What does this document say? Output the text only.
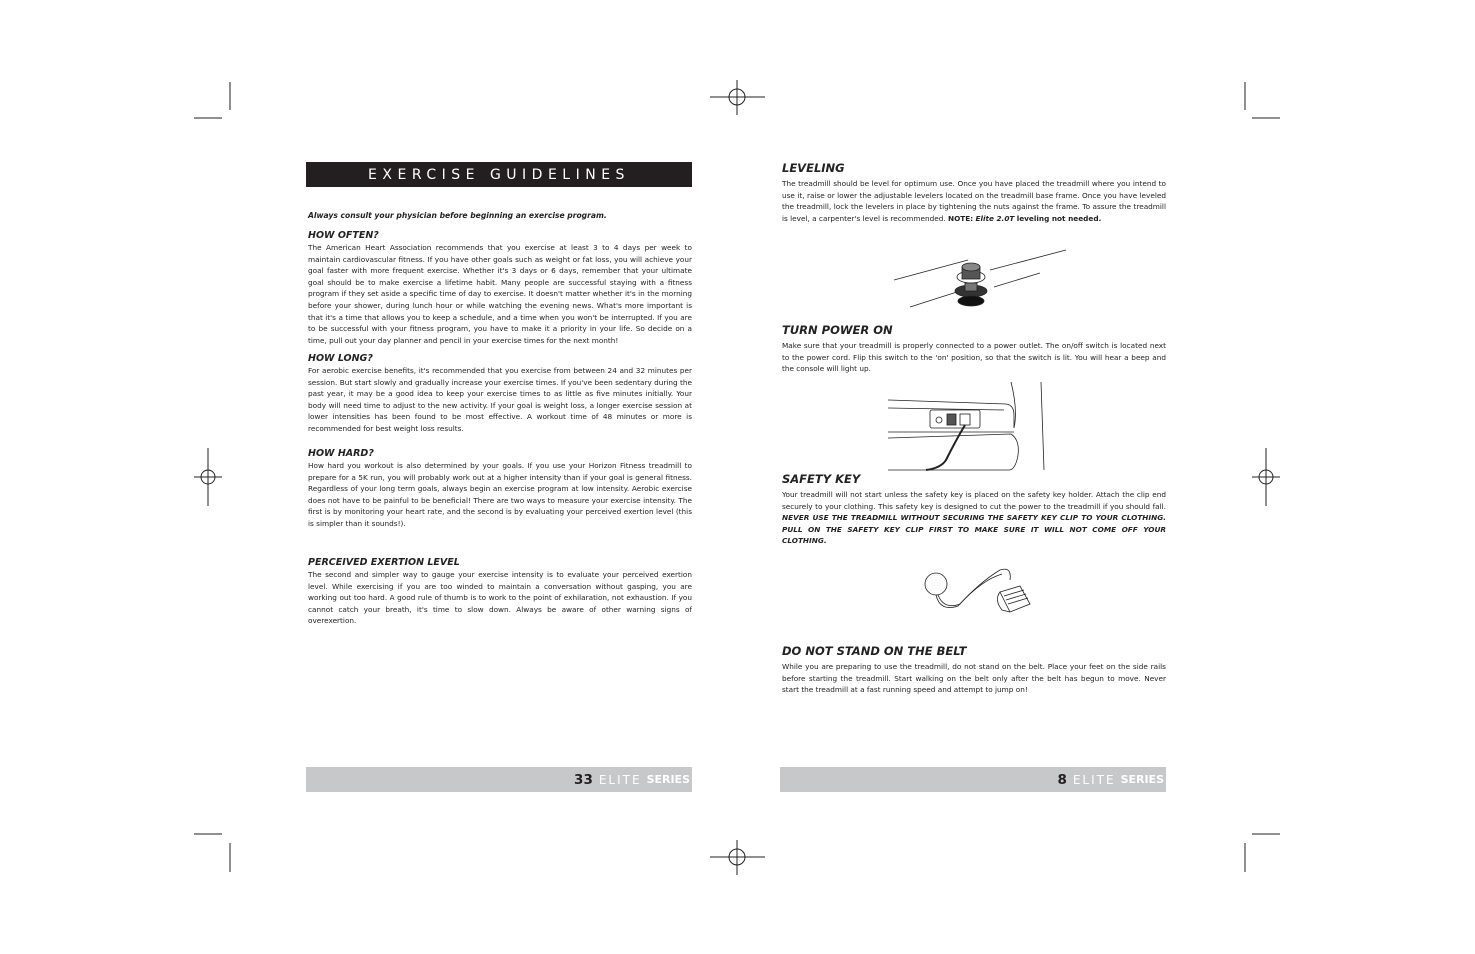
EXERCISE GUIDELINES
Always consult your physician before beginning an exercise program.
HOW OFTEN?

The American Heart Association recommends that you exercise at least 3 to 4 days per week to maintain cardiovascular fitness. If you have other goals such as weight or fat loss, you will achieve your goal faster with more frequent exercise. Whether it's 3 days or 6 days, remember that your ultimate goal should be to make exercise a lifetime habit. Many people are successful staying with a fitness program if they set aside a specific time of day to exercise. It doesn't matter whether it's in the morning before your shower, during lunch hour or while watching the evening news. What's more important is that it's a time that allows you to keep a schedule, and a time when you won't be interrupted. If you are to be successful with your fitness program, you have to make it a priority in your life. So decide on a time, pull out your day planner and pencil in your exercise times for the next month!

HOW LONG?

For aerobic exercise benefits, it's recommended that you exercise from between 24 and 32 minutes per session. But start slowly and gradually increase your exercise times. If you've been sedentary during the past year, it may be a good idea to keep your exercise times to as little as five minutes initially. Your body will need time to adjust to the new activity. If your goal is weight loss, a longer exercise session at lower intensities has been found to be most effective. A workout time of 48 minutes or more is recommended for best weight loss results.

HOW HARD?

How hard you workout is also determined by your goals. If you use your Horizon Fitness treadmill to prepare for a 5K run, you will probably work out at a higher intensity than if your goal is general fitness. Regardless of your long term goals, always begin an exercise program at low intensity. Aerobic exercise does not have to be painful to be beneficial! There are two ways to measure your exercise intensity. The first is by monitoring your heart rate, and the second is by evaluating your perceived exertion level (this is simpler than it sounds!).

PERCEIVED EXERTION LEVEL

The second and simpler way to gauge your exercise intensity is to evaluate your perceived exertion level. While exercising if you are too winded to maintain a conversation without gasping, you are working out too hard. A good rule of thumb is to work to the point of exhilaration, not exhaustion. If you cannot catch your breath, it's time to slow down. Always be aware of other warning signs of overexertion.

33 ELITE SERIES
LEVELING

The treadmill should be level for optimum use. Once you have placed the treadmill where you intend to use it, raise or lower the adjustable levelers located on the treadmill base frame. Once you have leveled the treadmill, lock the levelers in place by tightening the nuts against the frame. To assure the treadmill is level, a carpenter's level is recommended. NOTE: Elite 2.0T leveling not needed.

TURN POWER ON

Make sure that your treadmill is properly connected to a power outlet. The on/off switch is located next to the power cord. Flip this switch to the 'on' position, so that the switch is lit. You will hear a beep and the console will light up.

SAFETY KEY

Your treadmill will not start unless the safety key is placed on the safety key holder. Attach the clip end securely to your clothing. This safety key is designed to cut the power to the treadmill if you should fall. NEVER USE THE TREADMILL WITHOUT SECURING THE SAFETY KEY CLIP TO YOUR CLOTHING. PULL ON THE SAFETY KEY CLIP FIRST TO MAKE SURE IT WILL NOT COME OFF YOUR CLOTHING.

DO NOT STAND ON THE BELT

While you are preparing to use the treadmill, do not stand on the belt. Place your feet on the side rails before starting the treadmill. Start walking on the belt only after the belt has begun to move. Never start the treadmill at a fast running speed and attempt to jump on!

8 ELITE SERIES
